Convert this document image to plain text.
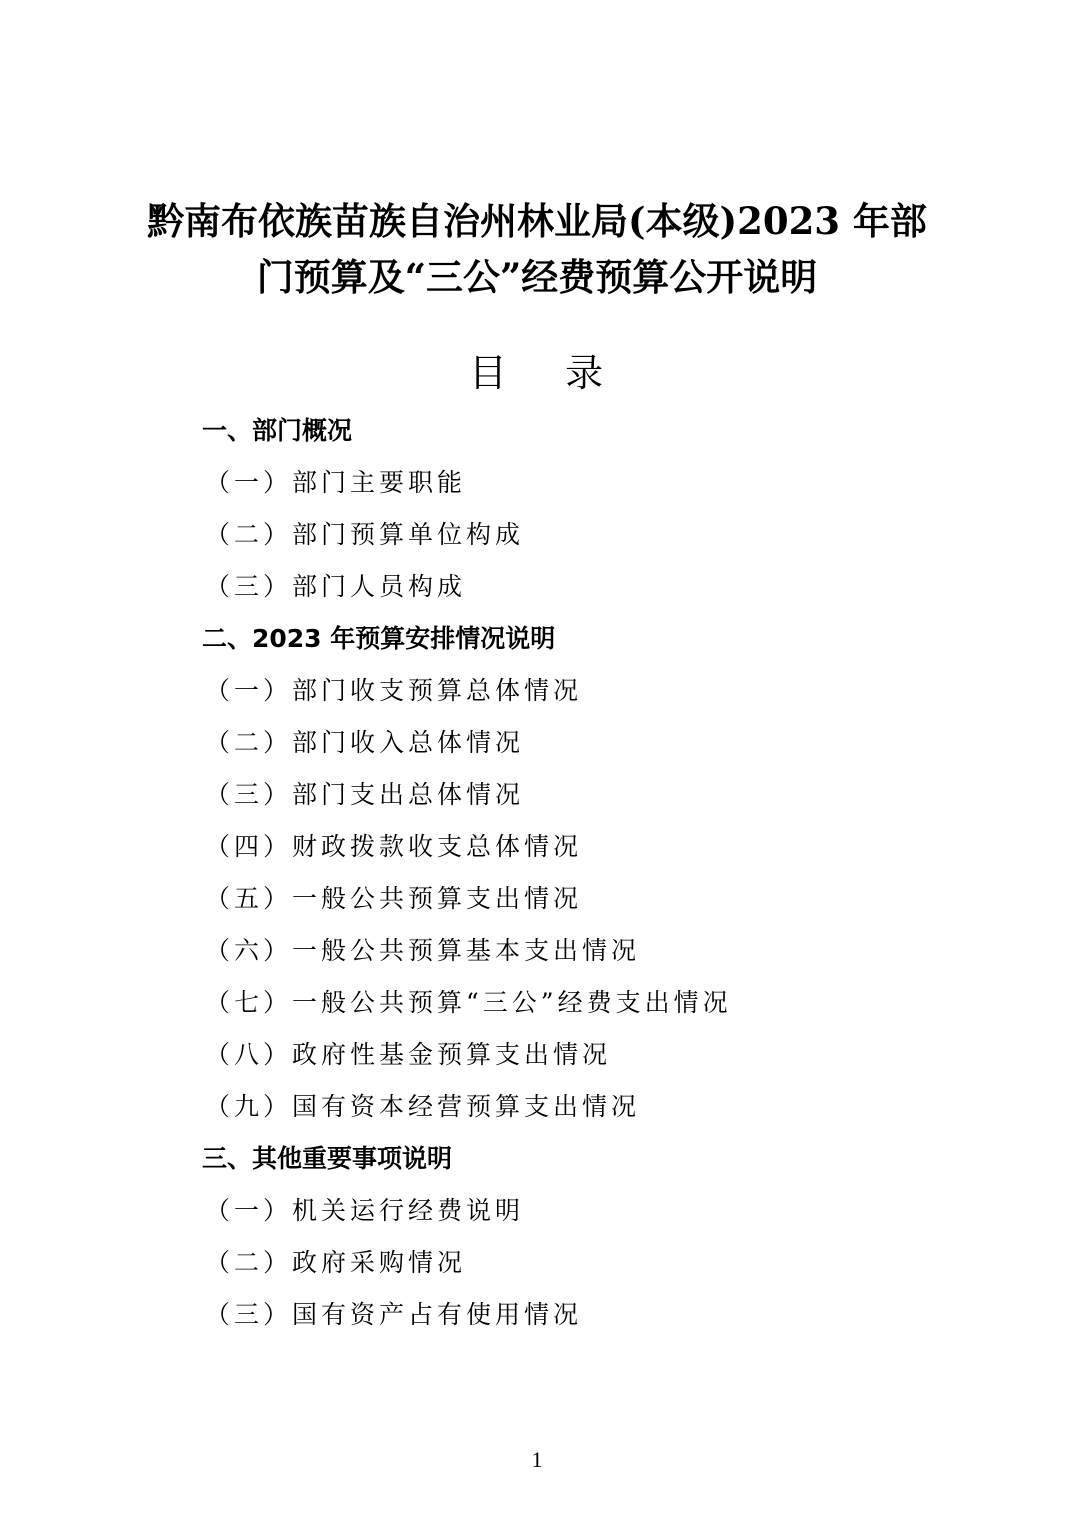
黔南布依族苗族自治州林业局(本级)2023 年部
门预算及“三公”经费预算公开说明
目    录
一、部门概况
（一）部门主要职能
（二）部门预算单位构成
（三）部门人员构成
二、2023 年预算安排情况说明
（一）部门收支预算总体情况
（二）部门收入总体情况
（三）部门支出总体情况
（四）财政拨款收支总体情况
（五）一般公共预算支出情况
（六）一般公共预算基本支出情况
（七）一般公共预算“三公”经费支出情况
（八）政府性基金预算支出情况
（九）国有资本经营预算支出情况
三、其他重要事项说明
（一）机关运行经费说明
（二）政府采购情况
（三）国有资产占有使用情况
1
